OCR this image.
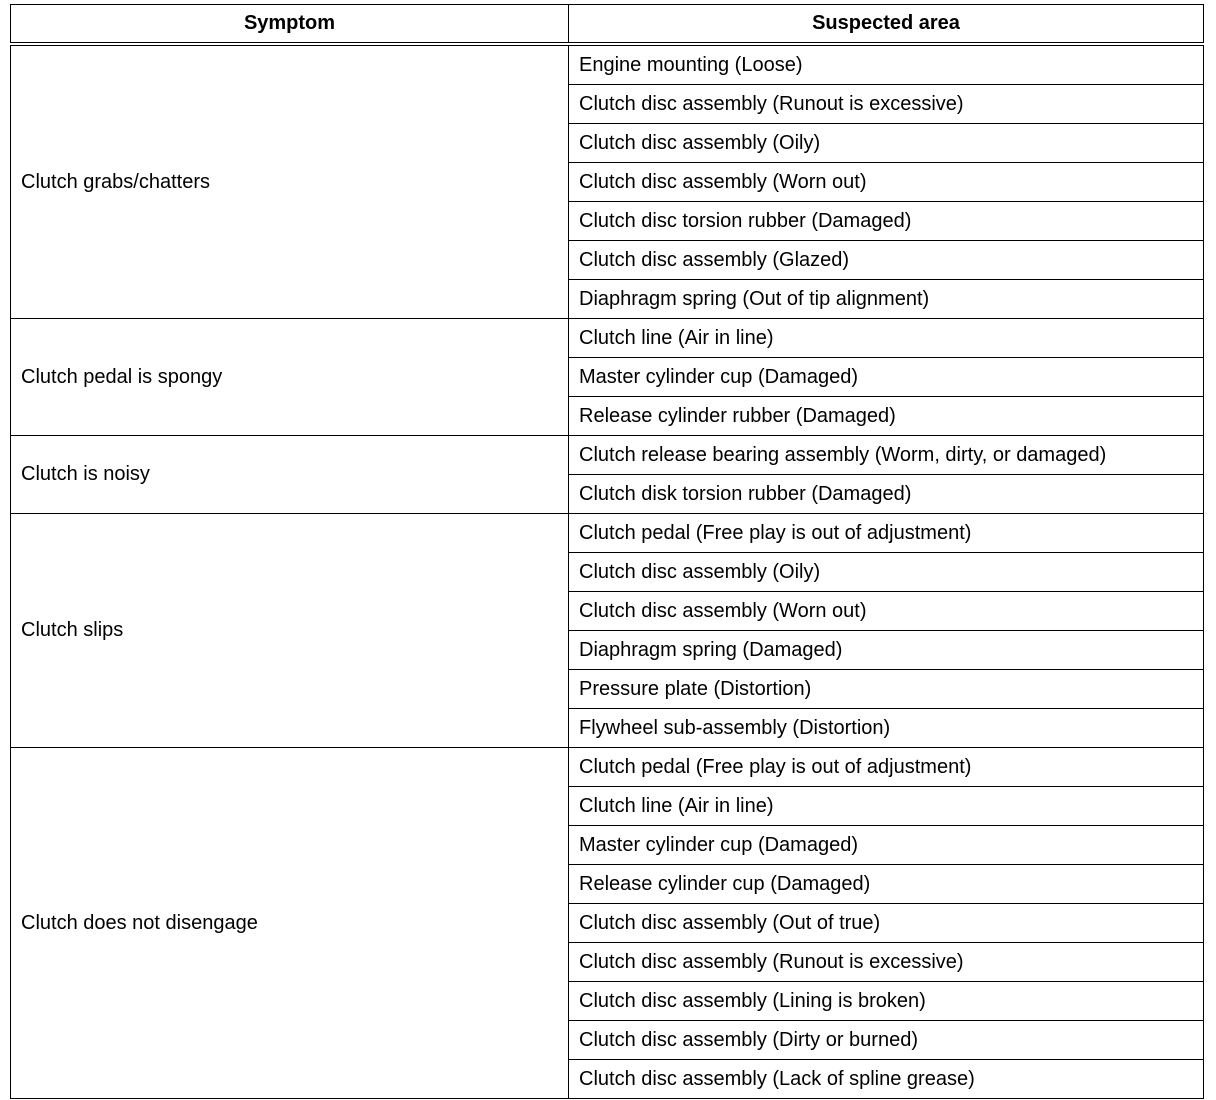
Symptom	Suspected area
Clutch grabs/chatters	Engine mounting (Loose)
	Clutch disc assembly (Runout is excessive)
	Clutch disc assembly (Oily)
	Clutch disc assembly (Worn out)
	Clutch disc torsion rubber (Damaged)
	Clutch disc assembly (Glazed)
	Diaphragm spring (Out of tip alignment)
Clutch pedal is spongy	Clutch line (Air in line)
	Master cylinder cup (Damaged)
	Release cylinder rubber (Damaged)
Clutch is noisy	Clutch release bearing assembly (Worm, dirty, or damaged)
	Clutch disk torsion rubber (Damaged)
Clutch slips	Clutch pedal (Free play is out of adjustment)
	Clutch disc assembly (Oily)
	Clutch disc assembly (Worn out)
	Diaphragm spring (Damaged)
	Pressure plate (Distortion)
	Flywheel sub-assembly (Distortion)
Clutch does not disengage	Clutch pedal (Free play is out of adjustment)
	Clutch line (Air in line)
	Master cylinder cup (Damaged)
	Release cylinder cup (Damaged)
	Clutch disc assembly (Out of true)
	Clutch disc assembly (Runout is excessive)
	Clutch disc assembly (Lining is broken)
	Clutch disc assembly (Dirty or burned)
	Clutch disc assembly (Lack of spline grease)
